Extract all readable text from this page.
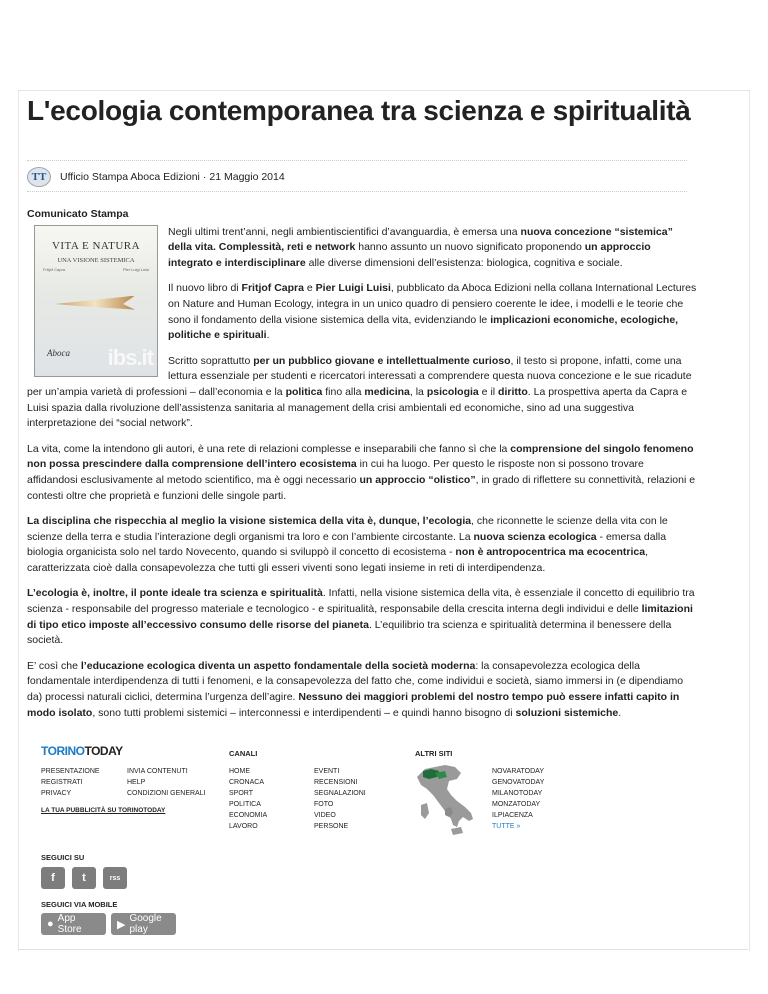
L'ecologia contemporanea tra scienza e spiritualità
TT	Ufficio Stampa Aboca Edizioni · 21 Maggio 2014
Comunicato Stampa
VITA E NATURA
UNA VISIONE SISTEMICA
Fritjof Capra	Pier Luigi Luisi
Aboca ibs.it

Negli ultimi trent’anni, negli ambientiscientifici d’avanguardia, è emersa una nuova concezione “sistemica” della vita. Complessità, reti e network hanno assunto un nuovo significato proponendo un approccio integrato e interdisciplinare alle diverse dimensioni dell’esistenza: biologica, cognitiva e sociale.

Il nuovo libro di Fritjof Capra e Pier Luigi Luisi, pubblicato da Aboca Edizioni nella collana International Lectures on Nature and Human Ecology, integra in un unico quadro di pensiero coerente le idee, i modelli e le teorie che sono il fondamento della visione sistemica della vita, evidenziando le implicazioni economiche, ecologiche, politiche e spirituali.

Scritto soprattutto per un pubblico giovane e intellettualmente curioso, il testo si propone, infatti, come una lettura essenziale per studenti e ricercatori interessati a comprendere questa nuova concezione e le sue ricadute per un’ampia varietà di professioni – dall’economia e la politica fino alla medicina, la psicologia e il diritto. La prospettiva aperta da Capra e Luisi spazia dalla rivoluzione dell’assistenza sanitaria al management della crisi ambientali ed economiche, sino ad una suggestiva interpretazione dei “social network”.

La vita, come la intendono gli autori, è una rete di relazioni complesse e inseparabili che fanno sì che la comprensione del singolo fenomeno non possa prescindere dalla comprensione dell’intero ecosistema in cui ha luogo. Per questo le risposte non si possono trovare affidandosi esclusivamente al metodo scientifico, ma è oggi necessario un approccio “olistico”, in grado di riflettere su connettività, relazioni e contesti oltre che proprietà e funzioni delle singole parti.

La disciplina che rispecchia al meglio la visione sistemica della vita è, dunque, l’ecologia, che riconnette le scienze della vita con le scienze della terra e studia l’interazione degli organismi tra loro e con l’ambiente circostante. La nuova scienza ecologica - emersa dalla biologia organicista solo nel tardo Novecento, quando si sviluppò il concetto di ecosistema - non è antropocentrica ma ecocentrica, caratterizzata cioè dalla consapevolezza che tutti gli esseri viventi sono legati insieme in reti di interdipendenza.

L’ecologia è, inoltre, il ponte ideale tra scienza e spiritualità. Infatti, nella visione sistemica della vita, è essenziale il concetto di equilibrio tra scienza - responsabile del progresso materiale e tecnologico - e spiritualità, responsabile della crescita interna degli individui e delle limitazioni di tipo etico imposte all’eccessivo consumo delle risorse del pianeta. L’equilibrio tra scienza e spiritualità determina il benessere della società.

E’ così che l’educazione ecologica diventa un aspetto fondamentale della società moderna: la consapevolezza ecologica della fondamentale interdipendenza di tutti i fenomeni, e la consapevolezza del fatto che, come individui e società, siamo immersi in (e dipendiamo da) processi naturali ciclici, determina l’urgenza dell’agire. Nessuno dei maggiori problemi del nostro tempo può essere infatti capito in modo isolato, sono tutti problemi sistemici – interconnessi e interdipendenti – e quindi hanno bisogno di soluzioni sistemiche.

TORINOTODAY
PRESENTAZIONE
REGISTRATI
PRIVACY
INVIA CONTENUTI
HELP
CONDIZIONI GENERALI
LA TUA PUBBLICITÀ SU TORINOTODAY
CANALI
HOME
CRONACA
SPORT
POLITICA
ECONOMIA
LAVORO
EVENTI
RECENSIONI
SEGNALAZIONI
FOTO
VIDEO
PERSONE
ALTRI SITI
NOVARATODAY
GENOVATODAY
MILANOTODAY
MONZATODAY
ILPIACENZA
TUTTE »
SEGUICI SU
f	t	rss
SEGUICI VIA MOBILE
● App Store	▶ Google play
